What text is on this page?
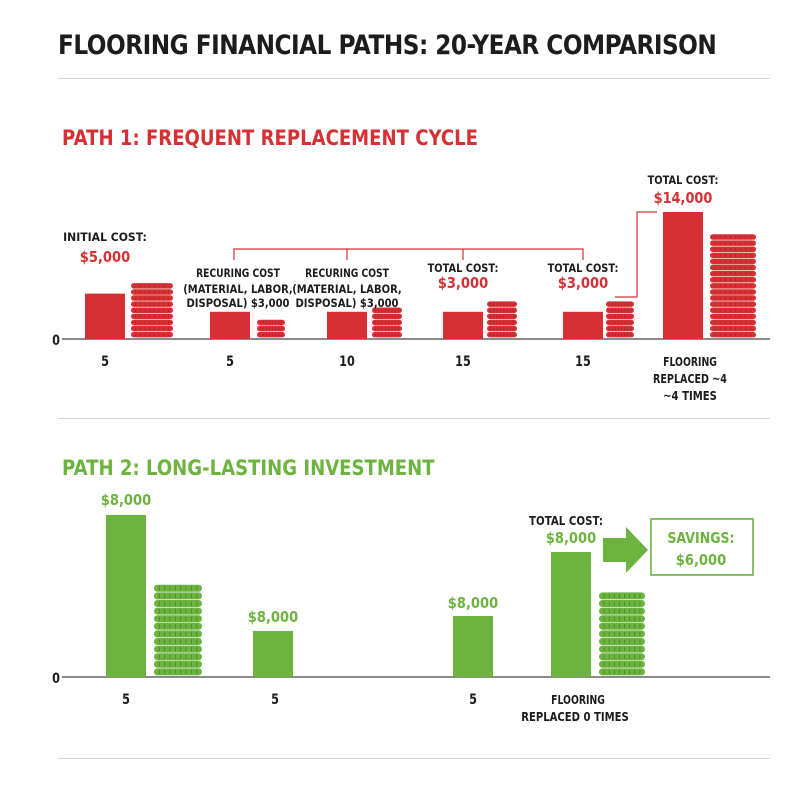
FLOORING FINANCIAL PATHS: 20-YEAR COMPARISON
PATH 1: FREQUENT REPLACEMENT CYCLE
PATH 2: LONG-LASTING INVESTMENT
0
INITIAL COST:
$5,000
5
RECURING COST
(MATERIAL, LABOR,
DISPOSAL) $3,000
5
RECURING COST
(MATERIAL, LABOR,
DISPOSAL) $3,000
10
TOTAL COST:
$3,000
15
TOTAL COST:
$3,000
15
TOTAL COST:
$14,000
FLOORING
REPLACED ~4
~4 TIMES
0
$8,000
5
$8,000
5
$8,000
5
TOTAL COST:
$8,000
FLOORING
REPLACED 0 TIMES
SAVINGS:
$6,000
